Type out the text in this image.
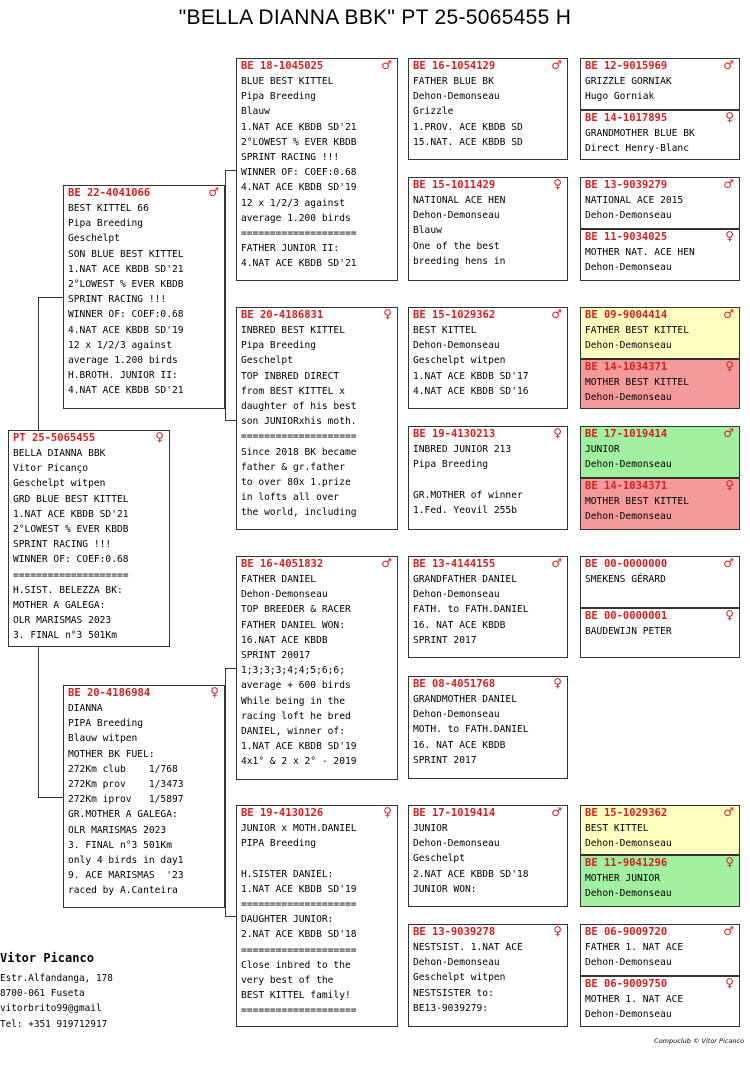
"BELLA DIANNA BBK" PT 25-5065455 H
PT 25-5065455	♀
BELLA DIANNA BBK
Vitor Picanço
Geschelpt witpen
GRD BLUE BEST KITTEL
1.NAT ACE KBDB SD'21
2°LOWEST % EVER KBDB
SPRINT RACING !!!
WINNER OF: COEF:0.68
====================
H.SIST. BELEZZA BK:
MOTHER A GALEGA:
OLR MARISMAS 2023
3. FINAL n°3 501Km
BE 22-4041066	♂
BEST KITTEL 66
Pipa Breeding
Geschelpt
SON BLUE BEST KITTEL
1.NAT ACE KBDB SD'21
2°LOWEST % EVER KBDB
SPRINT RACING !!!
WINNER OF: COEF:0.68
4.NAT ACE KBDB SD'19
12 x 1/2/3 against
average 1.200 birds
H.BROTH. JUNIOR II:
4.NAT ACE KBDB SD'21
BE 20-4186984	♀
DIANNA
PIPA Breeding
Blauw witpen
MOTHER BK FUEL:
272Km club    1/768
272Km prov    1/3473
272Km iprov   1/5897
GR.MOTHER A GALEGA:
OLR MARISMAS 2023
3. FINAL n°3 501Km
only 4 birds in day1
9. ACE MARISMAS  '23
raced by A.Canteira
BE 18-1045025	♂
BLUE BEST KITTEL
Pipa Breeding
Blauw
1.NAT ACE KBDB SD'21
2°LOWEST % EVER KBDB
SPRINT RACING !!!
WINNER OF: COEF:0.68
4.NAT ACE KBDB SD'19
12 x 1/2/3 against
average 1.200 birds
====================
FATHER JUNIOR II:
4.NAT ACE KBDB SD'21
BE 20-4186831	♀
INBRED BEST KITTEL
Pipa Breeding
Geschelpt
TOP INBRED DIRECT
from BEST KITTEL x
daughter of his best
son JUNIORxhis moth.
====================
Since 2018 BK became
father & gr.father
to over 80x 1.prize
in lofts all over
the world, including
BE 16-4051832	♂
FATHER DANIEL
Dehon-Demonseau
TOP BREEDER & RACER
FATHER DANIEL WON:
16.NAT ACE KBDB
SPRINT 20017
1;3;3;3;4;4;5;6;6;
average + 600 birds
While being in the
racing loft he bred
DANIEL, winner of:
1.NAT ACE KBDB SD'19
4x1° & 2 x 2° - 2019
BE 19-4130126	♀
JUNIOR x MOTH.DANIEL
PIPA Breeding
H.SISTER DANIEL:
1.NAT ACE KBDB SD'19
====================
DAUGHTER JUNIOR:
2.NAT ACE KBDB SD'18
====================
Close inbred to the
very best of the
BEST KITTEL family!
====================
BE 16-1054129	♂
FATHER BLUE BK
Dehon-Demonseau
Grizzle
1.PROV. ACE KBDB SD
15.NAT. ACE KBDB SD
BE 15-1011429	♀
NATIONAL ACE HEN
Dehon-Demonseau
Blauw
One of the best
breeding hens in
BE 15-1029362	♂
BEST KITTEL
Dehon-Demonseau
Geschelpt witpen
1.NAT ACE KBDB SD'17
4.NAT ACE KBDB SD'16
BE 19-4130213	♀
INBRED JUNIOR 213
Pipa Breeding
GR.MOTHER of winner
1.Fed. Yeovil 255b
BE 13-4144155	♂
GRANDFATHER DANIEL
Dehon-Demonseau
FATH. to FATH.DANIEL
16. NAT ACE KBDB
SPRINT 2017
BE 08-4051768	♀
GRANDMOTHER DANIEL
Dehon-Demonseau
MOTH. to FATH.DANIEL
16. NAT ACE KBDB
SPRINT 2017
BE 17-1019414	♂
JUNIOR
Dehon-Demonseau
Geschelpt
2.NAT ACE KBDB SD'18
JUNIOR WON:
BE 13-9039278	♀
NESTSIST. 1.NAT ACE
Dehon-Demonseau
Geschelpt witpen
NESTSISTER to:
BE13-9039279:
BE 12-9015969	♂
GRIZZLE GORNIAK
Hugo Gorniak
BE 14-1017895	♀
GRANDMOTHER BLUE BK
Direct Henry-Blanc
BE 13-9039279	♂
NATIONAL ACE 2015
Dehon-Demonseau
BE 11-9034025	♀
MOTHER NAT. ACE HEN
Dehon-Demonseau
BE 09-9004414	♂
FATHER BEST KITTEL
Dehon-Demonseau
BE 14-1034371	♀
MOTHER BEST KITTEL
Dehon-Demonseau
BE 17-1019414	♂
JUNIOR
Dehon-Demonseau
BE 14-1034371	♀
MOTHER BEST KITTEL
Dehon-Demonseau
BE 00-0000000	♂
SMEKENS GÉRARD
BE 00-0000001	♀
BAUDEWIJN PETER
BE 15-1029362	♂
BEST KITTEL
Dehon-Demonseau
BE 11-9041296	♀
MOTHER JUNIOR
Dehon-Demonseau
BE 06-9009720	♂
FATHER 1. NAT ACE
Dehon-Demonseau
BE 06-9009750	♀
MOTHER 1. NAT ACE
Dehon-Demonseau
Vitor Picanco
Estr.Alfandanga, 178
8700-061 Fuseta
vitorbrito99@gmail
Tel: +351 919712917
Compuclub © Vitor Picanco
